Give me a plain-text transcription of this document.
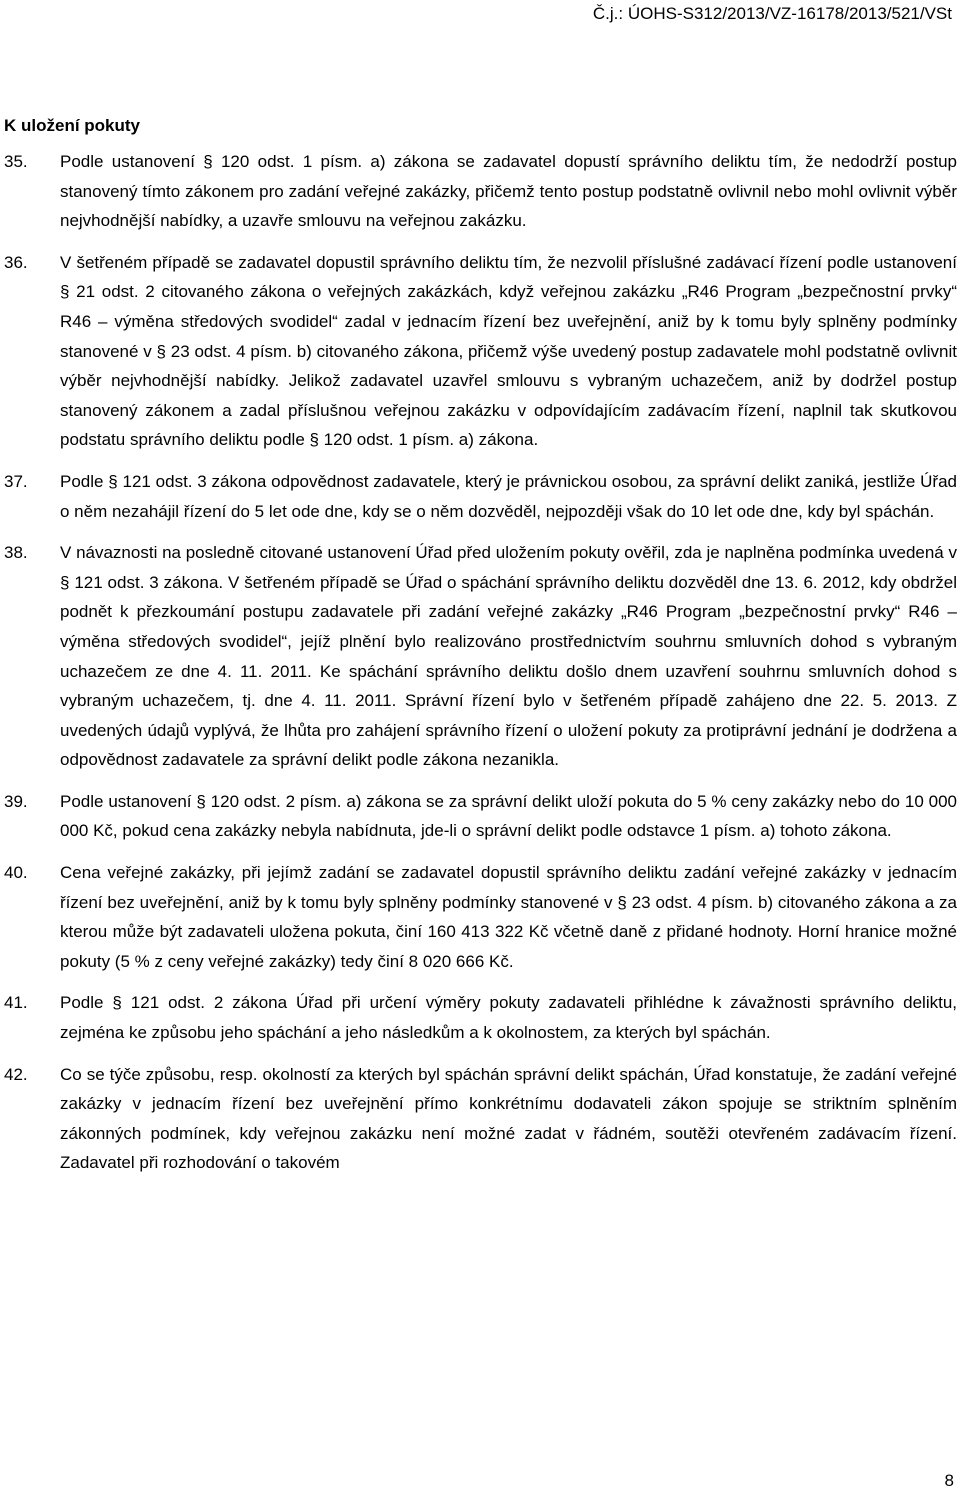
Č.j.: ÚOHS-S312/2013/VZ-16178/2013/521/VSt
K uložení pokuty
35.	Podle ustanovení § 120 odst. 1 písm. a) zákona se zadavatel dopustí správního deliktu tím, že nedodrží postup stanovený tímto zákonem pro zadání veřejné zakázky, přičemž tento postup podstatně ovlivnil nebo mohl ovlivnit výběr nejvhodnější nabídky, a uzavře smlouvu na veřejnou zakázku.
36.	V šetřeném případě se zadavatel dopustil správního deliktu tím, že nezvolil příslušné zadávací řízení podle ustanovení § 21 odst. 2 citovaného zákona o veřejných zakázkách, když veřejnou zakázku „R46 Program „bezpečnostní prvky“ R46 – výměna středových svodidel“ zadal v jednacím řízení bez uveřejnění, aniž by k tomu byly splněny podmínky stanovené v § 23 odst. 4 písm. b) citovaného zákona, přičemž výše uvedený postup zadavatele mohl podstatně ovlivnit výběr nejvhodnější nabídky. Jelikož zadavatel uzavřel smlouvu s vybraným uchazečem, aniž by dodržel postup stanovený zákonem a zadal příslušnou veřejnou zakázku v odpovídajícím zadávacím řízení, naplnil tak skutkovou podstatu správního deliktu podle § 120 odst. 1 písm. a) zákona.
37.	Podle § 121 odst. 3 zákona odpovědnost zadavatele, který je právnickou osobou, za správní delikt zaniká, jestliže Úřad o něm nezahájil řízení do 5 let ode dne, kdy se o něm dozvěděl, nejpozději však do 10 let ode dne, kdy byl spáchán.
38.	V návaznosti na posledně citované ustanovení Úřad před uložením pokuty ověřil, zda je naplněna podmínka uvedená v § 121 odst. 3 zákona. V šetřeném případě se Úřad o spáchání správního deliktu dozvěděl dne 13. 6. 2012, kdy obdržel podnět k přezkoumání postupu zadavatele při zadání veřejné zakázky „R46 Program „bezpečnostní prvky“ R46 – výměna středových svodidel“, jejíž plnění bylo realizováno prostřednictvím souhrnu smluvních dohod s vybraným uchazečem ze dne 4. 11. 2011. Ke spáchání správního deliktu došlo dnem uzavření souhrnu smluvních dohod s vybraným uchazečem, tj. dne 4. 11. 2011. Správní řízení bylo v šetřeném případě zahájeno dne 22. 5. 2013. Z uvedených údajů vyplývá, že lhůta pro zahájení správního řízení o uložení pokuty za protiprávní jednání je dodržena a odpovědnost zadavatele za správní delikt podle zákona nezanikla.
39.	Podle ustanovení § 120 odst. 2 písm. a) zákona se za správní delikt uloží pokuta do 5 % ceny zakázky nebo do 10 000 000 Kč, pokud cena zakázky nebyla nabídnuta, jde-li o správní delikt podle odstavce 1 písm. a) tohoto zákona.
40.	Cena veřejné zakázky, při jejímž zadání se zadavatel dopustil správního deliktu zadání veřejné zakázky v jednacím řízení bez uveřejnění, aniž by k tomu byly splněny podmínky stanovené v § 23 odst. 4 písm. b) citovaného zákona a za kterou může být zadavateli uložena pokuta, činí 160 413 322 Kč včetně daně z přidané hodnoty. Horní hranice možné pokuty (5 % z ceny veřejné zakázky) tedy činí 8 020 666 Kč.
41.	Podle § 121 odst. 2 zákona Úřad při určení výměry pokuty zadavateli přihlédne k závažnosti správního deliktu, zejména ke způsobu jeho spáchání a jeho následkům a k okolnostem, za kterých byl spáchán.
42.	Co se týče způsobu, resp. okolností za kterých byl spáchán správní delikt spáchán, Úřad konstatuje, že zadání veřejné zakázky v jednacím řízení bez uveřejnění přímo konkrétnímu dodavateli zákon spojuje se striktním splněním zákonných podmínek, kdy veřejnou zakázku není možné zadat v řádném, soutěži otevřeném zadávacím řízení. Zadavatel při rozhodování o takovém
8
